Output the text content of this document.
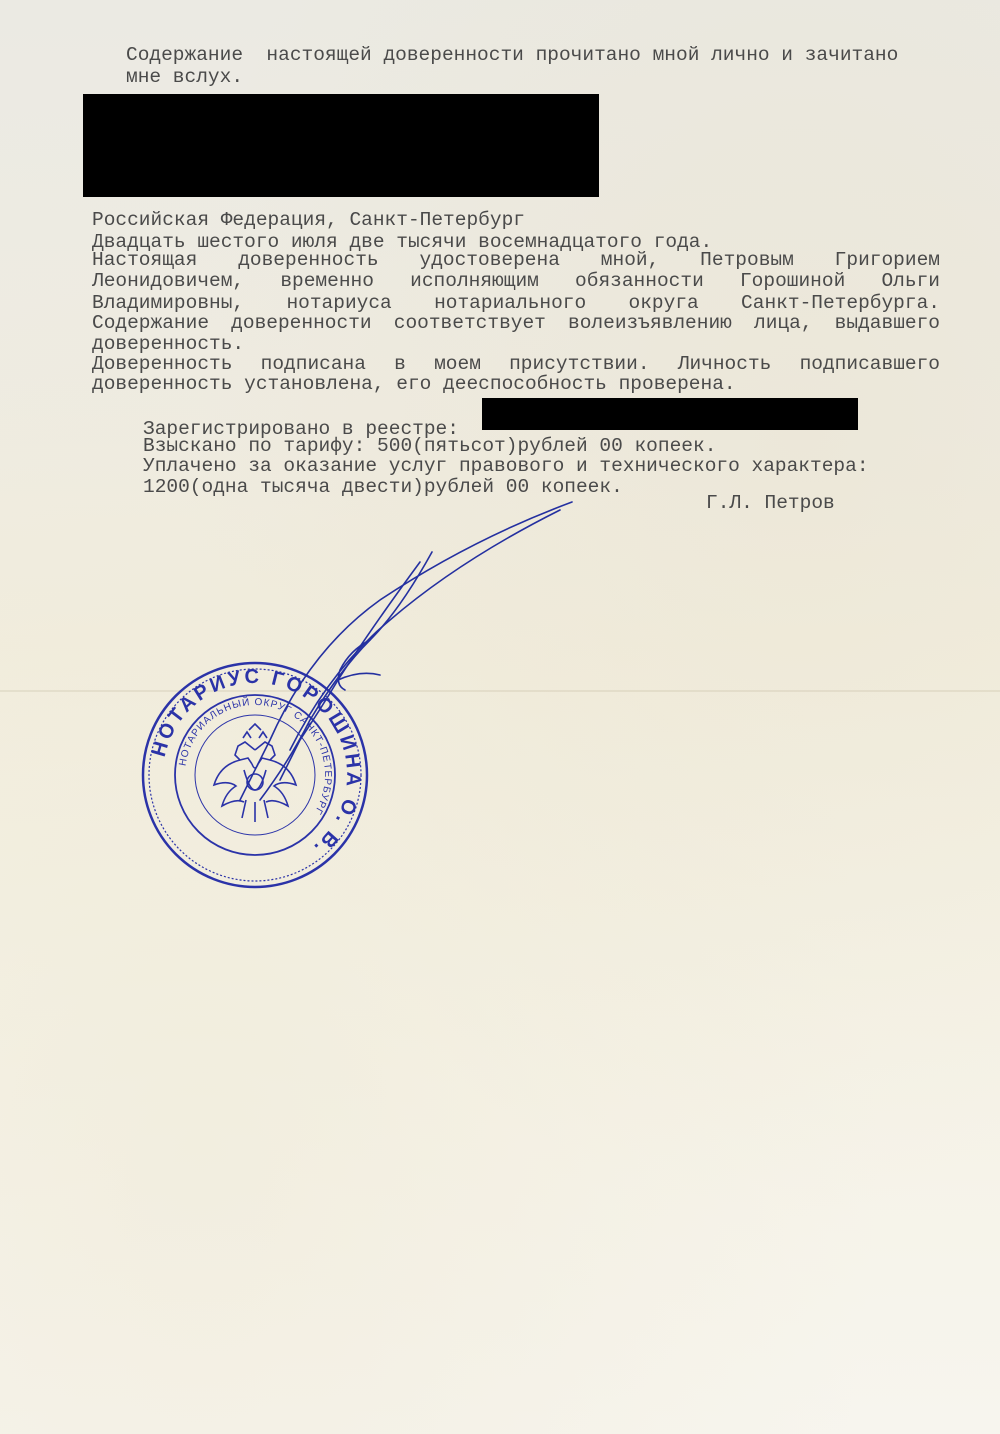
Содержание  настоящей доверенности прочитано мной лично и зачитано
мне вслух.
Российская Федерация, Санкт-Петербург
Двадцать шестого июля две тысячи восемнадцатого года.
Настоящая доверенность удостоверена мной, Петровым Григорием
Леонидовичем, временно исполняющим обязанности Горошиной Ольги
Владимировны, нотариуса нотариального округа Санкт-Петербурга.
Содержание доверенности соответствует волеизъявлению лица, выдавшего
доверенность.
Доверенность подписана в моем присутствии. Личность подписавшего
доверенность установлена, его дееспособность проверена.
Зарегистрировано в реестре:
Взыскано по тарифу: 500(пятьсот)рублей 00 копеек.
Уплачено за оказание услуг правового и технического характера:
1200(одна тысяча двести)рублей 00 копеек.
Г.Л. Петров
НОТАРИУС ГОРОШИНА О. В.
НОТАРИАЛЬНЫЙ ОКРУГ САНКТ-ПЕТЕРБУРГ
